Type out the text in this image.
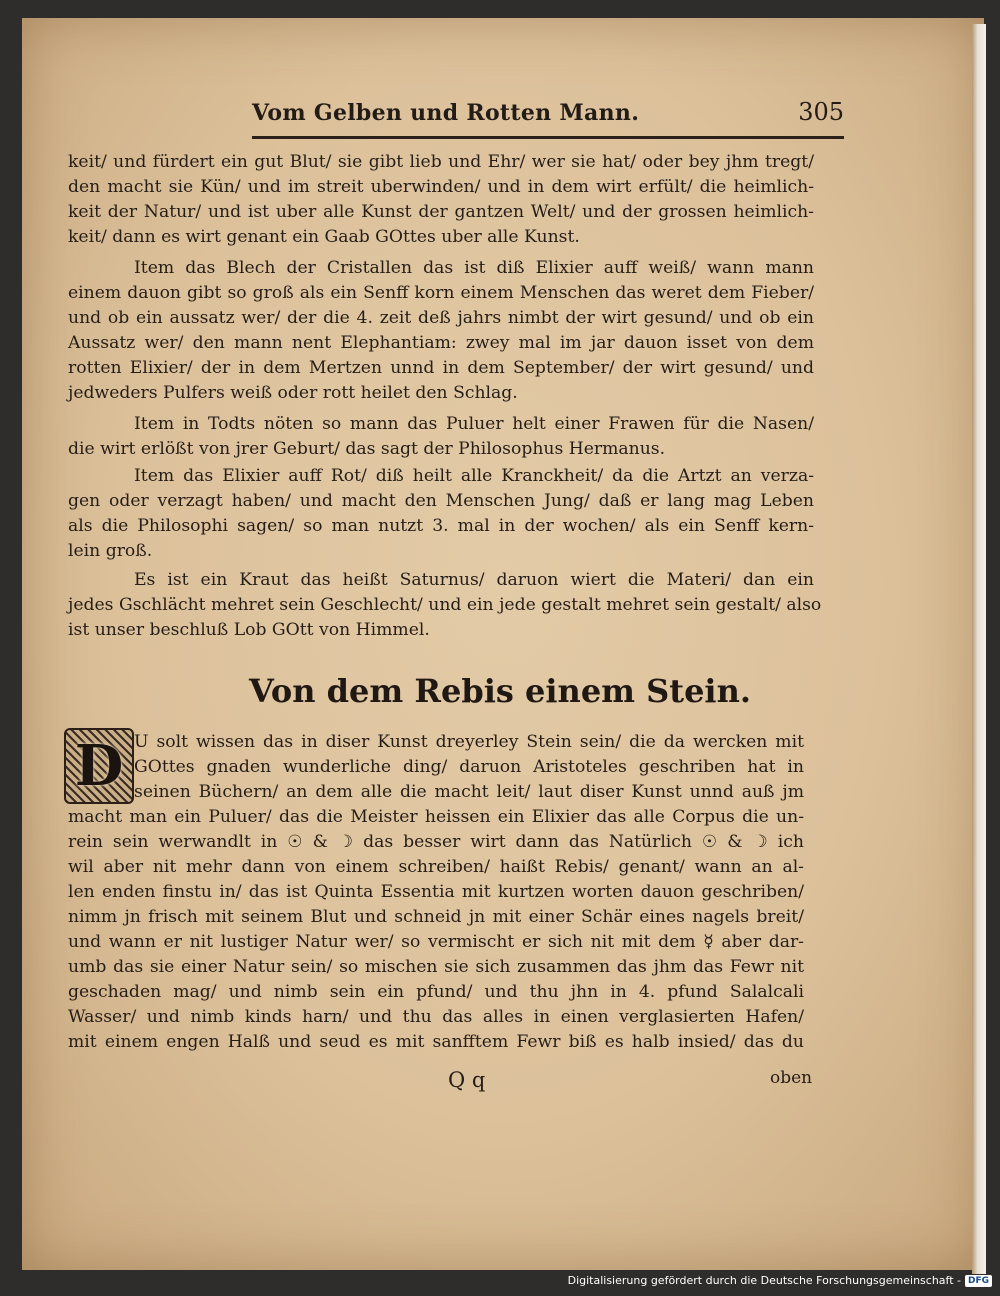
Vom Gelben und Rotten Mann.	305
keit/ und fürdert ein gut Blut/ sie gibt lieb und Ehr/ wer sie hat/ oder bey jhm tregt/
den macht sie Kün/ und im streit uberwinden/ und in dem wirt erfült/ die heimlich-
keit der Natur/ und ist uber alle Kunst der gantzen Welt/ und der grossen heimlich-
keit/ dann es wirt genant ein Gaab GOttes uber alle Kunst.
Item das Blech der Cristallen das ist diß Elixier auff weiß/ wann mann
einem dauon gibt so groß als ein Senff korn einem Menschen das weret dem Fieber/
und ob ein aussatz wer/ der die 4. zeit deß jahrs nimbt der wirt gesund/ und ob ein
Aussatz wer/ den mann nent Elephantiam: zwey mal im jar dauon isset von dem
rotten Elixier/ der in dem Mertzen unnd in dem September/ der wirt gesund/ und
jedweders Pulfers weiß oder rott heilet den Schlag.
Item in Todts nöten so mann das Puluer helt einer Frawen für die Nasen/
die wirt erlößt von jrer Geburt/ das sagt der Philosophus Hermanus.
Item das Elixier auff Rot/ diß heilt alle Kranckheit/ da die Artzt an verza-
gen oder verzagt haben/ und macht den Menschen Jung/ daß er lang mag Leben
als die Philosophi sagen/ so man nutzt 3. mal in der wochen/ als ein Senff kern-
lein groß.
Es ist ein Kraut das heißt Saturnus/ daruon wiert die Materi/ dan ein
jedes Gschlächt mehret sein Geschlecht/ und ein jede gestalt mehret sein gestalt/ also
ist unser beschluß Lob GOtt von Himmel.
Von dem Rebis einem Stein.
D U solt wissen das in diser Kunst dreyerley Stein sein/ die da wercken mit
GOttes gnaden wunderliche ding/ daruon Aristoteles geschriben hat in
seinen Büchern/ an dem alle die macht leit/ laut diser Kunst unnd auß jm
macht man ein Puluer/ das die Meister heissen ein Elixier das alle Corpus die un-
rein sein werwandlt in ☉ & ☽ das besser wirt dann das Natürlich ☉ & ☽ ich
wil aber nit mehr dann von einem schreiben/ haißt Rebis/ genant/ wann an al-
len enden finstu in/ das ist Quinta Essentia mit kurtzen worten dauon geschriben/
nimm jn frisch mit seinem Blut und schneid jn mit einer Schär eines nagels breit/
und wann er nit lustiger Natur wer/ so vermischt er sich nit mit dem ☿ aber dar-
umb das sie einer Natur sein/ so mischen sie sich zusammen das jhm das Fewr nit
geschaden mag/ und nimb sein ein pfund/ und thu jhn in 4. pfund Salalcali
Wasser/ und nimb kinds harn/ und thu das alles in einen verglasierten Hafen/
mit einem engen Halß und seud es mit sanfftem Fewr biß es halb insied/ das du
Q q	oben
Digitalisierung gefördert durch die Deutsche Forschungsgemeinschaft - DFG
